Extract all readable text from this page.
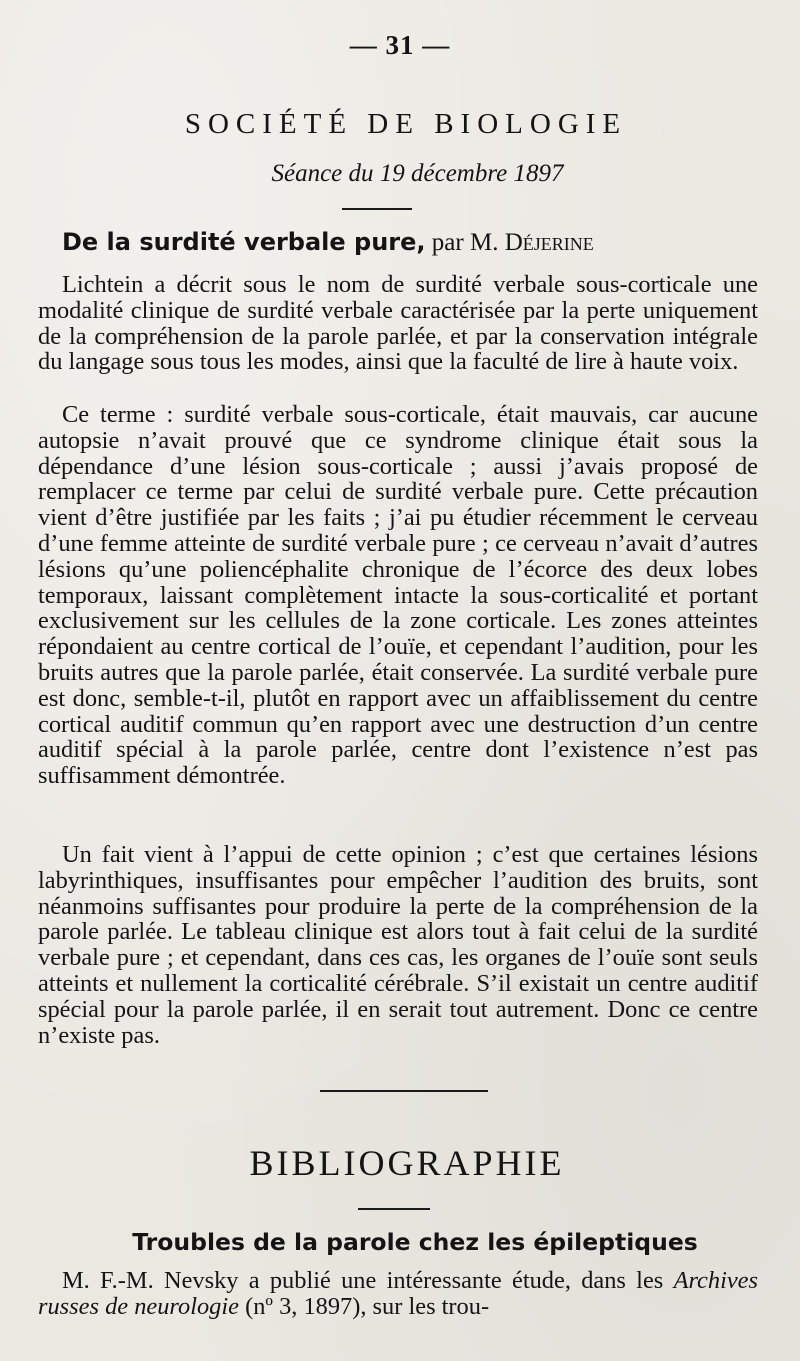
— 31 —
SOCIÉTÉ DE BIOLOGIE
Séance du 19 décembre 1897
De la surdité verbale pure, par M. Déjerine

Lichtein a décrit sous le nom de surdité verbale sous-corticale une modalité clinique de surdité verbale caractérisée par la perte uniquement de la compréhension de la parole parlée, et par la conservation intégrale du langage sous tous les modes, ainsi que la faculté de lire à haute voix.

Ce terme : surdité verbale sous-corticale, était mauvais, car aucune autopsie n’avait prouvé que ce syndrome clinique était sous la dépendance d’une lésion sous-corticale ; aussi j’avais proposé de remplacer ce terme par celui de surdité verbale pure. Cette précaution vient d’être justifiée par les faits ; j’ai pu étudier récemment le cerveau d’une femme atteinte de surdité verbale pure ; ce cerveau n’avait d’autres lésions qu’une poliencéphalite chronique de l’écorce des deux lobes temporaux, laissant complètement intacte la sous-corticalité et portant exclusivement sur les cellules de la zone corticale. Les zones atteintes répondaient au centre cortical de l’ouïe, et cependant l’audition, pour les bruits autres que la parole parlée, était conservée. La surdité verbale pure est donc, semble-t-il, plutôt en rapport avec un affaiblissement du centre cortical auditif commun qu’en rapport avec une destruction d’un centre auditif spécial à la parole parlée, centre dont l’existence n’est pas suffisamment démontrée.

Un fait vient à l’appui de cette opinion ; c’est que certaines lésions labyrinthiques, insuffisantes pour empêcher l’audition des bruits, sont néanmoins suffisantes pour produire la perte de la compréhension de la parole parlée. Le tableau clinique est alors tout à fait celui de la surdité verbale pure ; et cependant, dans ces cas, les organes de l’ouïe sont seuls atteints et nullement la corticalité cérébrale. S’il existait un centre auditif spécial pour la parole parlée, il en serait tout autrement. Donc ce centre n’existe pas.

BIBLIOGRAPHIE
Troubles de la parole chez les épileptiques

M. F.-M. Nevsky a publié une intéressante étude, dans les Archives russes de neurologie (nº 3, 1897), sur les trou-
